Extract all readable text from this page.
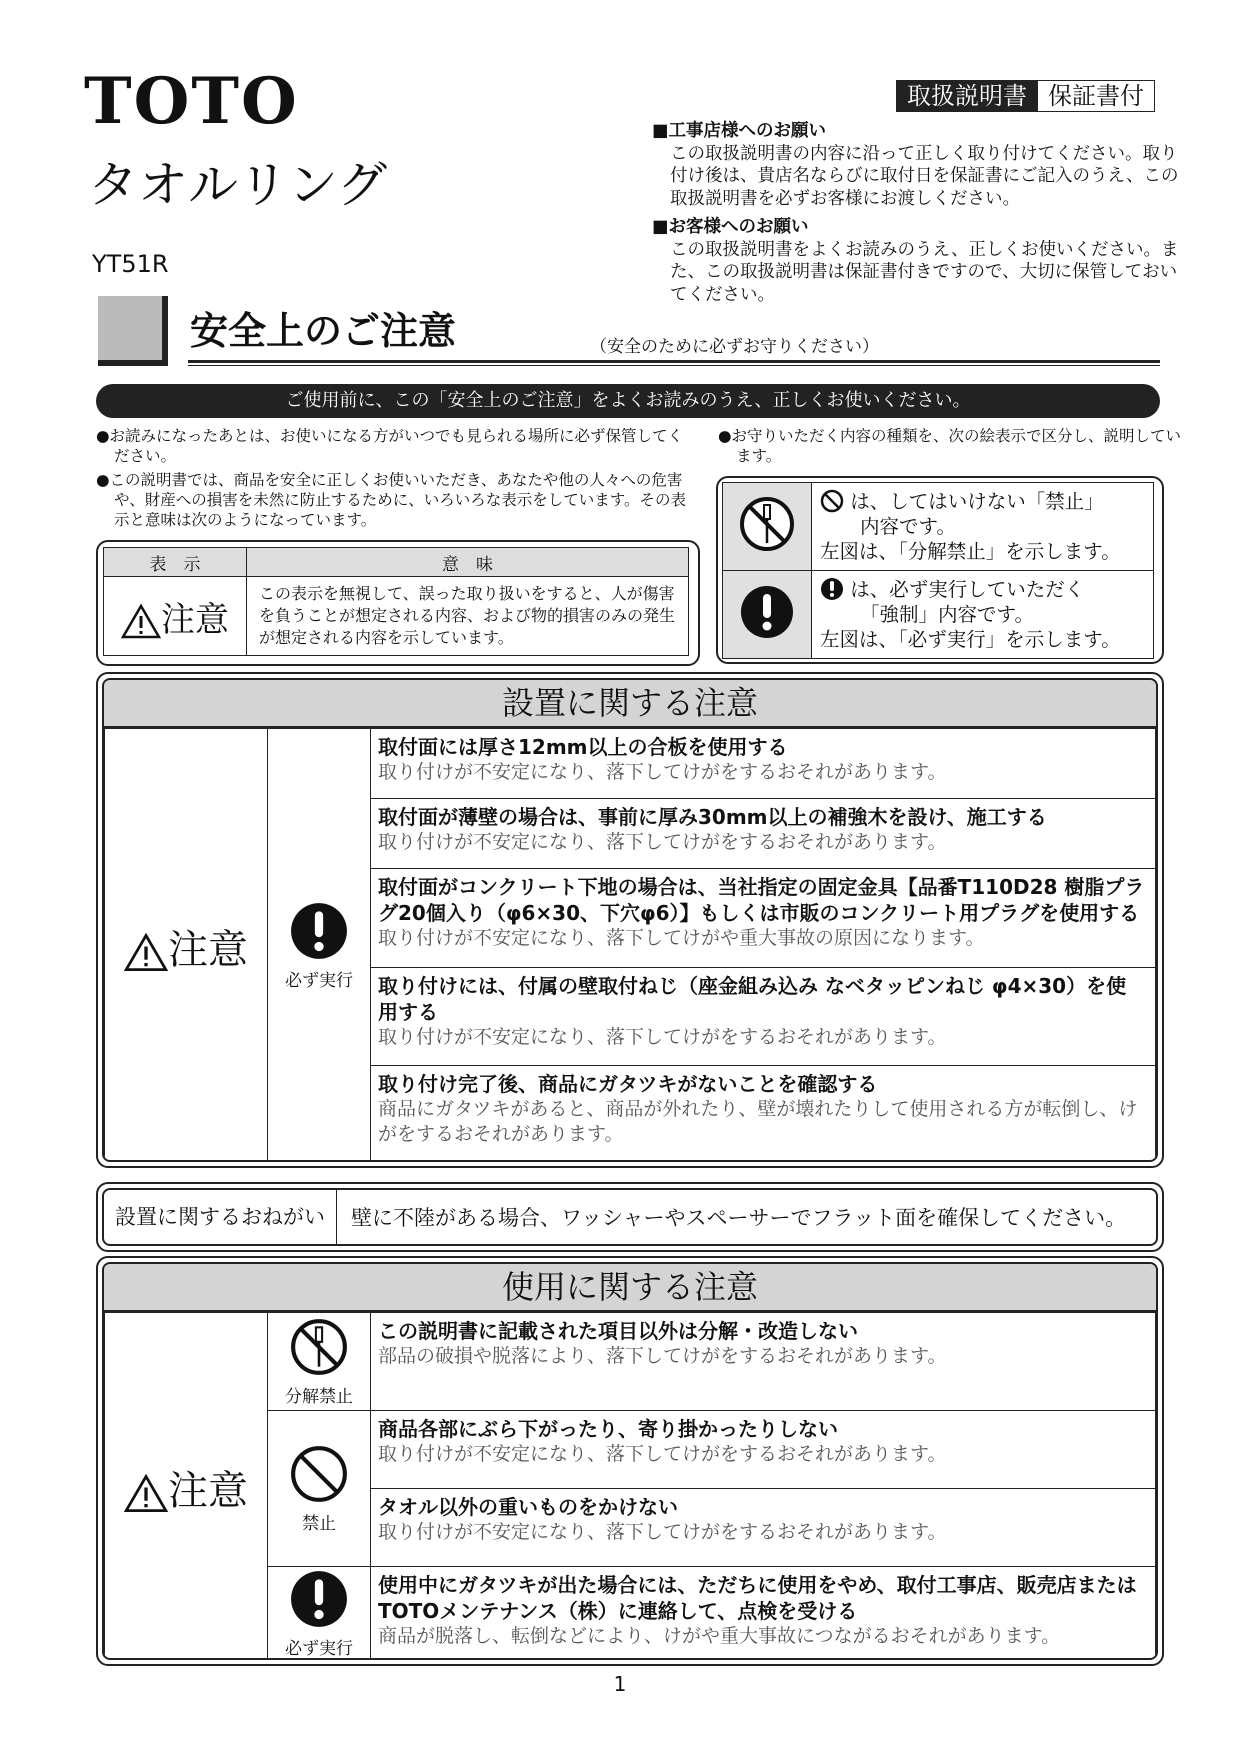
TOTO
タオルリング
YT51R
取扱説明書 保証書付
■工事店様へのお願い
この取扱説明書の内容に沿って正しく取り付けてください。取り付け後は、貴店名ならびに取付日を保証書にご記入のうえ、この取扱説明書を必ずお客様にお渡しください。
■お客様へのお願い
この取扱説明書をよくお読みのうえ、正しくお使いください。また、この取扱説明書は保証書付きですので、大切に保管しておいてください。
安全上のご注意	（安全のために必ずお守りください）
ご使用前に、この「安全上のご注意」をよくお読みのうえ、正しくお使いください。
●お読みになったあとは、お使いになる方がいつでも見られる場所に必ず保管してください。
●この説明書では、商品を安全に正しくお使いいただき、あなたや他の人々への危害や、財産への損害を未然に防止するために、いろいろな表示をしています。その表示と意味は次のようになっています。
●お守りいただく内容の種類を、次の絵表示で区分し、説明しています。
表　示	意　味
注意	この表示を無視して、誤った取り扱いをすると、人が傷害を負うことが想定される内容、および物的損害のみの発生が想定される内容を示しています。

は、してはいけない「禁止」
内容です。
左図は、「分解禁止」を示します。

は、必ず実行していただく
「強制」内容です。
左図は、「必ず実行」を示します。
設置に関する注意
注意	
必ず実行

取付面には厚さ12mm以上の合板を使用する
取り付けが不安定になり、落下してけがをするおそれがあります。

取付面が薄壁の場合は、事前に厚み30mm以上の補強木を設け、施工する
取り付けが不安定になり、落下してけがをするおそれがあります。

取付面がコンクリート下地の場合は、当社指定の固定金具【品番T110D28 樹脂プラグ20個入り（φ6×30、下穴φ6）】もしくは市販のコンクリート用プラグを使用する
取り付けが不安定になり、落下してけがや重大事故の原因になります。

取り付けには、付属の壁取付ねじ（座金組み込み なベタッピンねじ φ4×30）を使用する
取り付けが不安定になり、落下してけがをするおそれがあります。

取り付け完了後、商品にガタツキがないことを確認する
商品にガタツキがあると、商品が外れたり、壁が壊れたりして使用される方が転倒し、けがをするおそれがあります。
設置に関するおねがい	壁に不陸がある場合、ワッシャーやスペーサーでフラット面を確保してください。
使用に関する注意
注意	分解禁止	この説明書に記載された項目以外は分解・改造しない
部品の破損や脱落により、落下してけがをするおそれがあります。

	禁止	商品各部にぶら下がったり、寄り掛かったりしない
取り付けが不安定になり、落下してけがをするおそれがあります。

		タオル以外の重いものをかけない
取り付けが不安定になり、落下してけがをするおそれがあります。

	必ず実行	使用中にガタツキが出た場合には、ただちに使用をやめ、取付工事店、販売店またはTOTOメンテナンス（株）に連絡して、点検を受ける
商品が脱落し、転倒などにより、けがや重大事故につながるおそれがあります。
1
